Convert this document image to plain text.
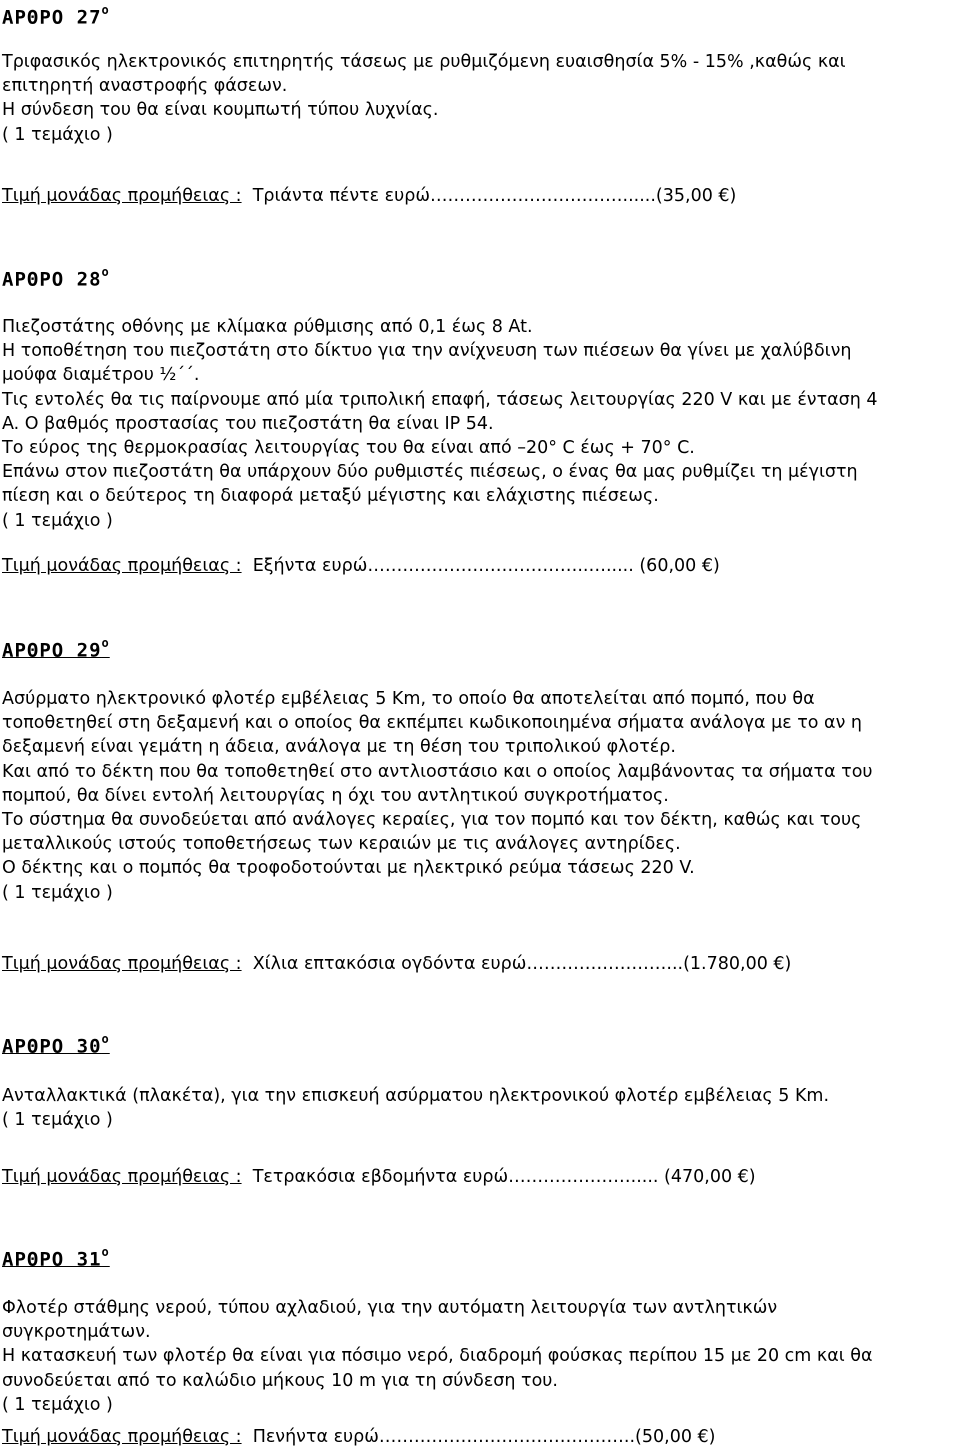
ΑΡΘΡΟ $27^o$

Τριφασικός ηλεκτρονικός επιτηρητής τάσεως με ρυθμιζόμενη ευαισθησία 5% - 15% ,καθώς και
επιτηρητή αναστροφής φάσεων.
Η σύνδεση του θα είναι κουμπωτή τύπου λυχνίας.
( 1 τεμάχιο )
Τιμή μονάδας προμήθειας :  Τριάντα πέντε ευρώ……………………………......(35,00 €)

ΑΡΘΡΟ $28^o$

Πιεζοστάτης οθόνης με κλίμακα ρύθμισης από 0,1 έως 8 At.
Η τοποθέτηση του πιεζοστάτη στο δίκτυο για την ανίχνευση των πιέσεων θα γίνει με χαλύβδινη
μούφα διαμέτρου ½΄΄.
Τις εντολές θα τις παίρνουμε από μία τριπολική επαφή, τάσεως λειτουργίας 220 V και με ένταση 4
A. Ο βαθμός προστασίας του πιεζοστάτη θα είναι IP 54.
Το εύρος της θερμοκρασίας λειτουργίας του θα είναι από –20° C έως + 70° C.
Επάνω στον πιεζοστάτη θα υπάρχουν δύο ρυθμιστές πιέσεως, ο ένας θα μας ρυθμίζει τη μέγιστη
πίεση και ο δεύτερος τη διαφορά μεταξύ μέγιστης και ελάχιστης πιέσεως.
( 1 τεμάχιο )
Τιμή μονάδας προμήθειας :  Εξήντα ευρώ………………………………..…..... (60,00 €)

ΑΡΘΡΟ $29^o$

Ασύρματο ηλεκτρονικό φλοτέρ εμβέλειας 5 Km, το οποίο θα αποτελείται από πομπό, που θα
τοποθετηθεί στη δεξαμενή και ο οποίος θα εκπέμπει κωδικοποιημένα σήματα ανάλογα με το αν η
δεξαμενή είναι γεμάτη η άδεια, ανάλογα με τη θέση του τριπολικού φλοτέρ.
Και από το δέκτη που θα τοποθετηθεί στο αντλιοστάσιο και ο οποίος λαμβάνοντας τα σήματα του
πομπού, θα δίνει εντολή λειτουργίας η όχι του αντλητικού συγκροτήματος.
Το σύστημα θα συνοδεύεται από ανάλογες κεραίες, για τον πομπό και τον δέκτη, καθώς και τους
μεταλλικούς ιστούς τοποθετήσεως των κεραιών με τις ανάλογες αντηρίδες.
Ο δέκτης και ο πομπός θα τροφοδοτούνται με ηλεκτρικό ρεύμα τάσεως 220 V.
( 1 τεμάχιο )
Τιμή μονάδας προμήθειας :  Χίλια επτακόσια ογδόντα ευρώ……………………...(1.780,00 €)

ΑΡΘΡΟ $30^o$

Ανταλλακτικά (πλακέτα), για την επισκευή ασύρματου ηλεκτρονικού φλοτέρ εμβέλειας 5 Km.
( 1 τεμάχιο )
Τιμή μονάδας προμήθειας :  Τετρακόσια εβδομήντα ευρώ…………………..... (470,00 €)

ΑΡΘΡΟ $31^o$

Φλοτέρ στάθμης νερού, τύπου αχλαδιού, για την αυτόματη λειτουργία των αντλητικών
συγκροτημάτων.
Η κατασκευή των φλοτέρ θα είναι για πόσιμο νερό, διαδρομή φούσκας περίπου 15 με 20 cm και θα
συνοδεύεται από το καλώδιο μήκους 10 m για τη σύνδεση του.
( 1 τεμάχιο )
Τιμή μονάδας προμήθειας :  Πενήντα ευρώ……………………………………..(50,00 €)
